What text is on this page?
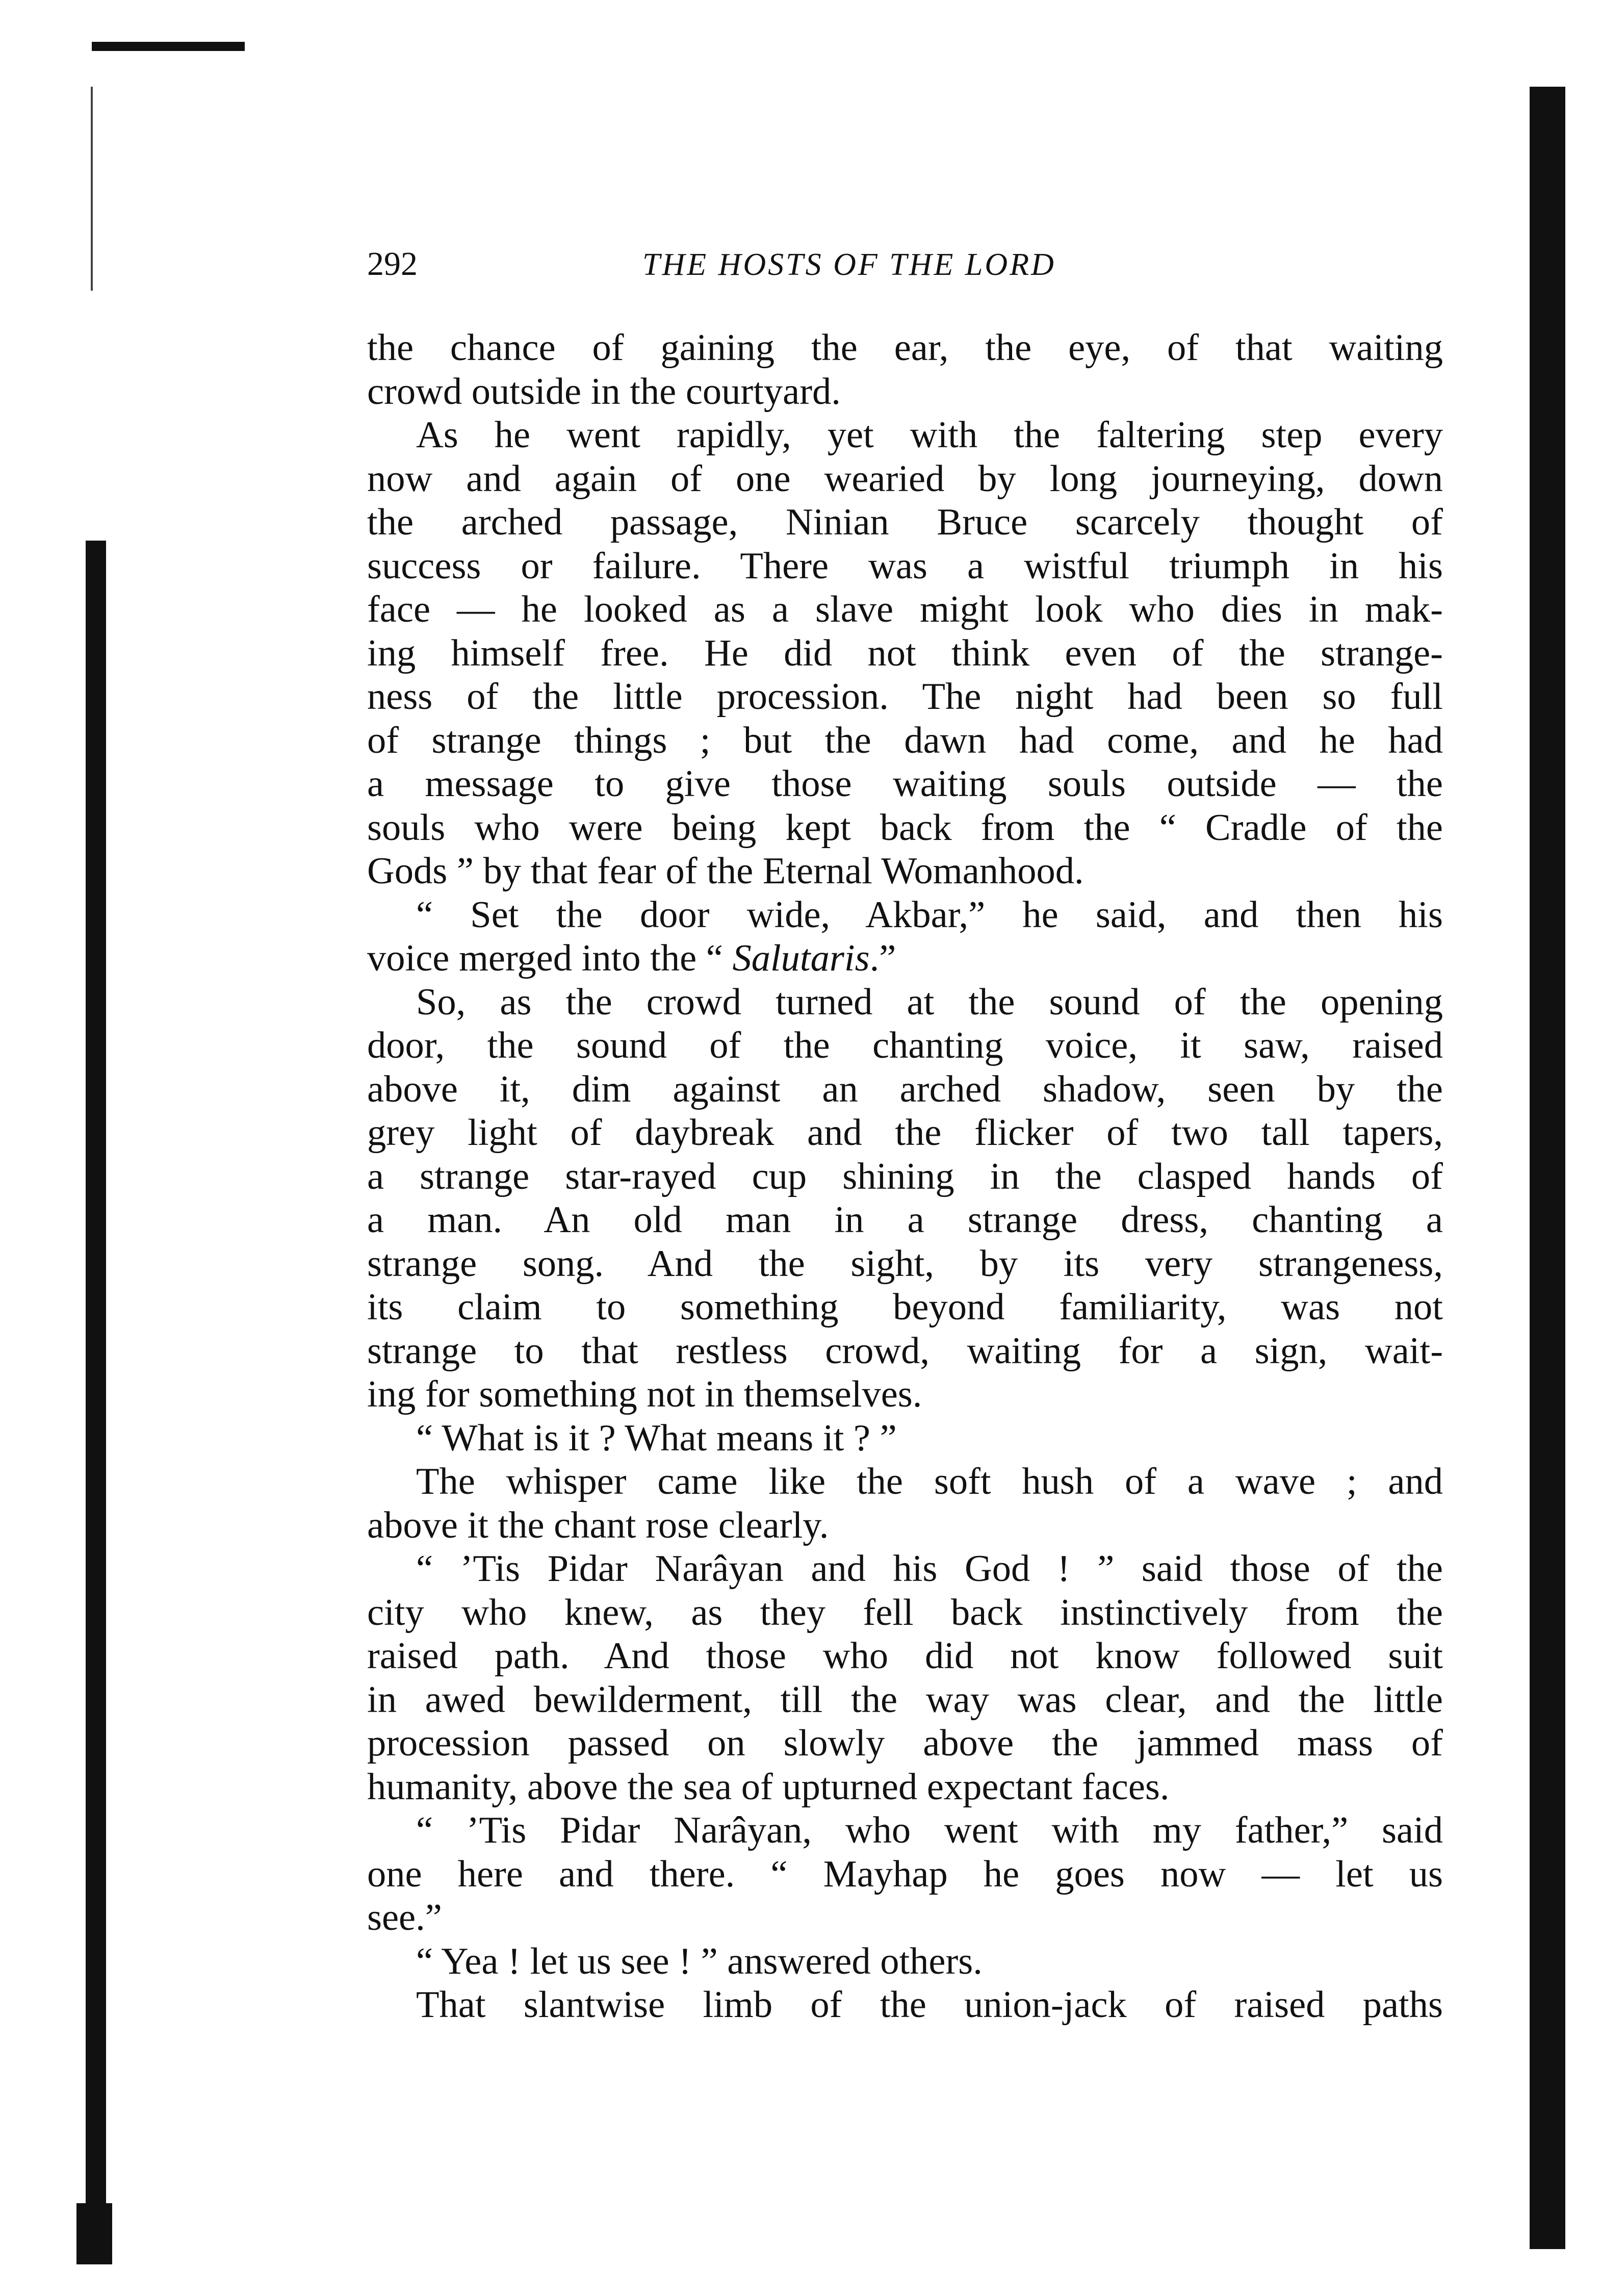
292	THE HOSTS OF THE LORD
the chance of gaining the ear, the eye, of that waiting
crowd outside in the courtyard.
As he went rapidly, yet with the faltering step every
now and again of one wearied by long journeying, down
the arched passage, Ninian Bruce scarcely thought of
success or failure. There was a wistful triumph in his
face — he looked as a slave might look who dies in mak-
ing himself free. He did not think even of the strange-
ness of the little procession. The night had been so full
of strange things ; but the dawn had come, and he had
a message to give those waiting souls outside — the
souls who were being kept back from the “ Cradle of the
Gods ” by that fear of the Eternal Womanhood.
“ Set the door wide, Akbar,” he said, and then his
voice merged into the “ Salutaris.”
So, as the crowd turned at the sound of the opening
door, the sound of the chanting voice, it saw, raised
above it, dim against an arched shadow, seen by the
grey light of daybreak and the flicker of two tall tapers,
a strange star-rayed cup shining in the clasped hands of
a man. An old man in a strange dress, chanting a
strange song. And the sight, by its very strangeness,
its claim to something beyond familiarity, was not
strange to that restless crowd, waiting for a sign, wait-
ing for something not in themselves.
“ What is it ? What means it ? ”
The whisper came like the soft hush of a wave ; and
above it the chant rose clearly.
“ ’Tis Pidar Narâyan and his God ! ” said those of the
city who knew, as they fell back instinctively from the
raised path. And those who did not know followed suit
in awed bewilderment, till the way was clear, and the little
procession passed on slowly above the jammed mass of
humanity, above the sea of upturned expectant faces.
“ ’Tis Pidar Narâyan, who went with my father,” said
one here and there. “ Mayhap he goes now — let us
see.”
“ Yea ! let us see ! ” answered others.
That slantwise limb of the union-jack of raised paths
